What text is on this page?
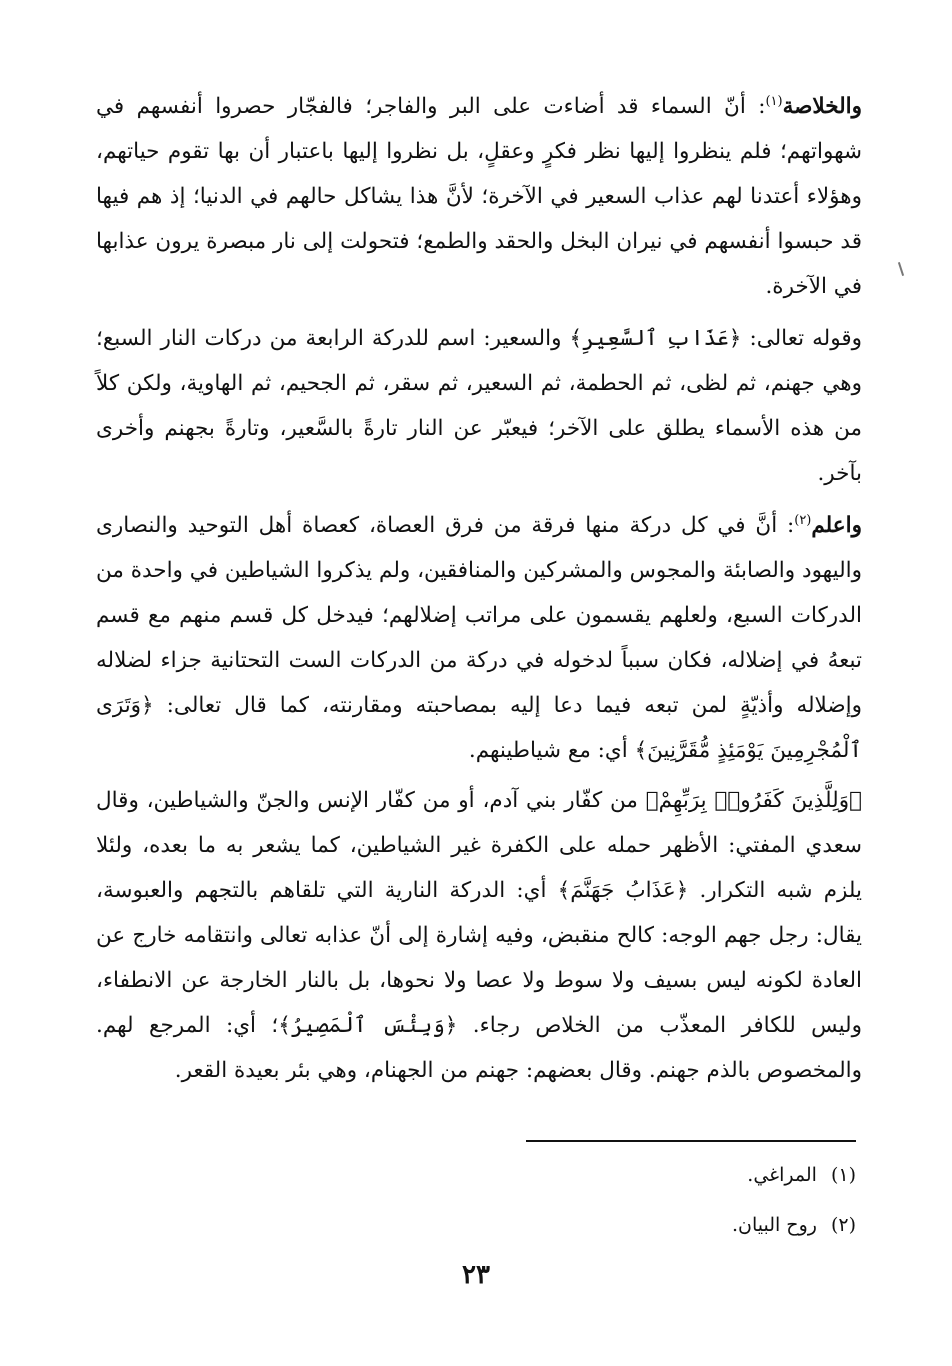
والخلاصة$^{(١)}$: أنّ السماء قد أضاءت على البر والفاجر؛ فالفجّار حصروا أنفسهم في شهواتهم؛ فلم ينظروا إليها نظر فكرٍ وعقلٍ، بل نظروا إليها باعتبار أن بها تقوم حياتهم، وهؤلاء أعتدنا لهم عذاب السعير في الآخرة؛ لأنَّ هذا يشاكل حالهم في الدنيا؛ إذ هم فيها قد حبسوا أنفسهم في نيران البخل والحقد والطمع؛ فتحولت إلى نار مبصرة يرون عذابها في الآخرة.

وقوله تعالى: ﴿عَذَابِ ٱلسَّعِيرِ﴾ والسعير: اسم للدركة الرابعة من دركات النار السبع؛ وهي جهنم، ثم لظى، ثم الحطمة، ثم السعير، ثم سقر، ثم الجحيم، ثم الهاوية، ولكن كلاً من هذه الأسماء يطلق على الآخر؛ فيعبّر عن النار تارةً بالسَّعير، وتارةً بجهنم وأخرى بآخر.

واعلم$^{(٢)}$: أنَّ في كل دركة منها فرقة من فرق العصاة، كعصاة أهل التوحيد والنصارى واليهود والصابئة والمجوس والمشركين والمنافقين، ولم يذكروا الشياطين في واحدة من الدركات السبع، ولعلهم يقسمون على مراتب إضلالهم؛ فيدخل كل قسم منهم مع قسم تبعهُ في إضلاله، فكان سبباً لدخوله في دركة من الدركات الست التحتانية جزاء لضلاله وإضلاله وأذيّةٍ لمن تبعه فيما دعا إليه بمصاحبته ومقارنته، كما قال تعالى: ﴿وَتَرَى ٱلْمُجْرِمِينَ يَوْمَئِذٍ مُّقَرَّنِينَ﴾ أي: مع شياطينهم.

﴿وَلِلَّذِينَ كَفَرُوا۟ بِرَبِّهِمْ﴾ من كفّار بني آدم، أو من كفّار الإنس والجنّ والشياطين، وقال سعدي المفتي: الأظهر حمله على الكفرة غير الشياطين، كما يشعر به ما بعده، ولئلا يلزم شبه التكرار. ﴿عَذَابُ جَهَنَّمَ﴾ أي: الدركة النارية التي تلقاهم بالتجهم والعبوسة، يقال: رجل جهم الوجه: كالح منقبض، وفيه إشارة إلى أنّ عذابه تعالى وانتقامه خارج عن العادة لكونه ليس بسيف ولا سوط ولا عصا ولا نحوها، بل بالنار الخارجة عن الانطفاء، وليس للكافر المعذّب من الخلاص رجاء. ﴿وَبِئْسَ ٱلْمَصِيرُ﴾؛ أي: المرجع لهم. والمخصوص بالذم جهنم. وقال بعضهم: جهنم من الجهنام، وهي بئر بعيدة القعر.

(١)المراغي.
(٢)روح البيان.
٢٣
